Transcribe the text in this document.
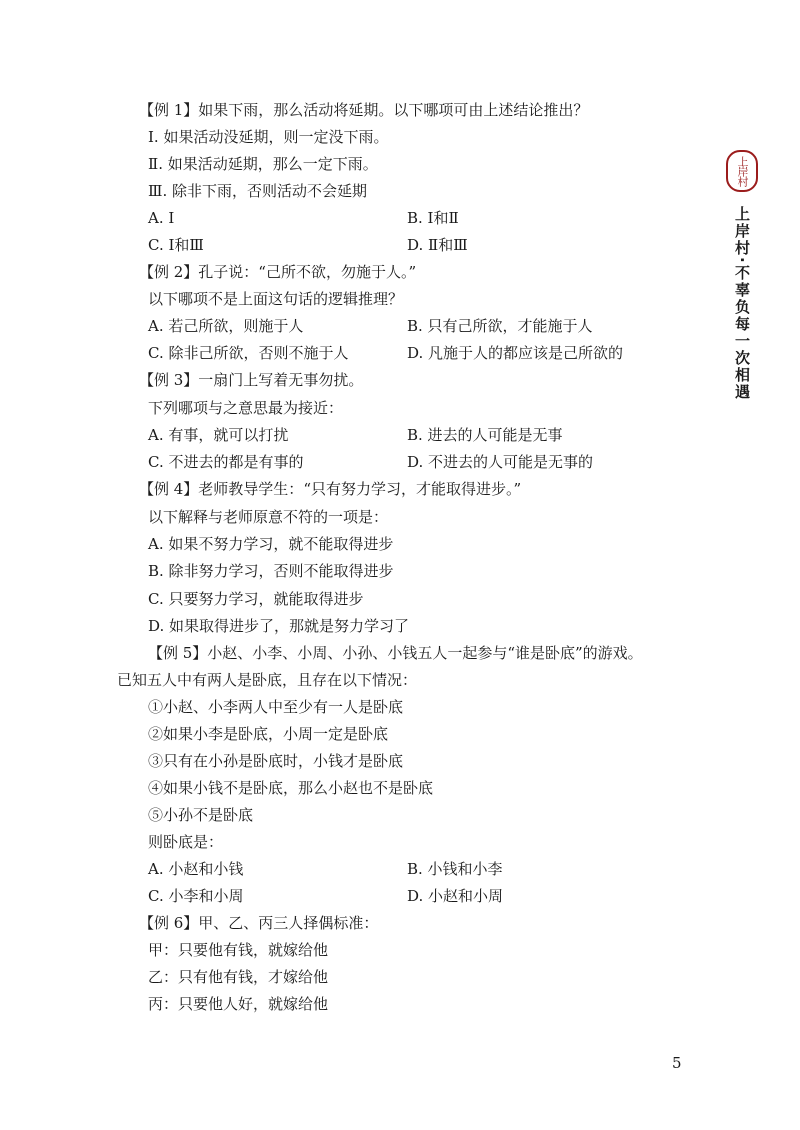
【例 1】如果下雨，那么活动将延期。以下哪项可由上述结论推出？
Ⅰ. 如果活动没延期，则一定没下雨。
Ⅱ. 如果活动延期，那么一定下雨。
Ⅲ. 除非下雨，否则活动不会延期
A. Ⅰ	B. Ⅰ和Ⅱ
C. Ⅰ和Ⅲ	D. Ⅱ和Ⅲ
【例 2】孔子说：“己所不欲，勿施于人。”
以下哪项不是上面这句话的逻辑推理？
A. 若己所欲，则施于人	B. 只有己所欲，才能施于人
C. 除非己所欲，否则不施于人	D. 凡施于人的都应该是己所欲的
【例 3】一扇门上写着无事勿扰。
下列哪项与之意思最为接近：
A. 有事，就可以打扰	B. 进去的人可能是无事
C. 不进去的都是有事的	D. 不进去的人可能是无事的
【例 4】老师教导学生：“只有努力学习，才能取得进步。”
以下解释与老师原意不符的一项是：
A. 如果不努力学习，就不能取得进步
B. 除非努力学习，否则不能取得进步
C. 只要努力学习，就能取得进步
D. 如果取得进步了，那就是努力学习了
【例 5】小赵、小李、小周、小孙、小钱五人一起参与“谁是卧底”的游戏。
已知五人中有两人是卧底，且存在以下情况：
①小赵、小李两人中至少有一人是卧底
②如果小李是卧底，小周一定是卧底
③只有在小孙是卧底时，小钱才是卧底
④如果小钱不是卧底，那么小赵也不是卧底
⑤小孙不是卧底
则卧底是：
A. 小赵和小钱	B. 小钱和小李
C. 小李和小周	D. 小赵和小周
【例 6】甲、乙、丙三人择偶标准：
甲：只要他有钱，就嫁给他
乙：只有他有钱，才嫁给他
丙：只要他人好，就嫁给他
5
上岸村
上岸村·不辜负每一次相遇
